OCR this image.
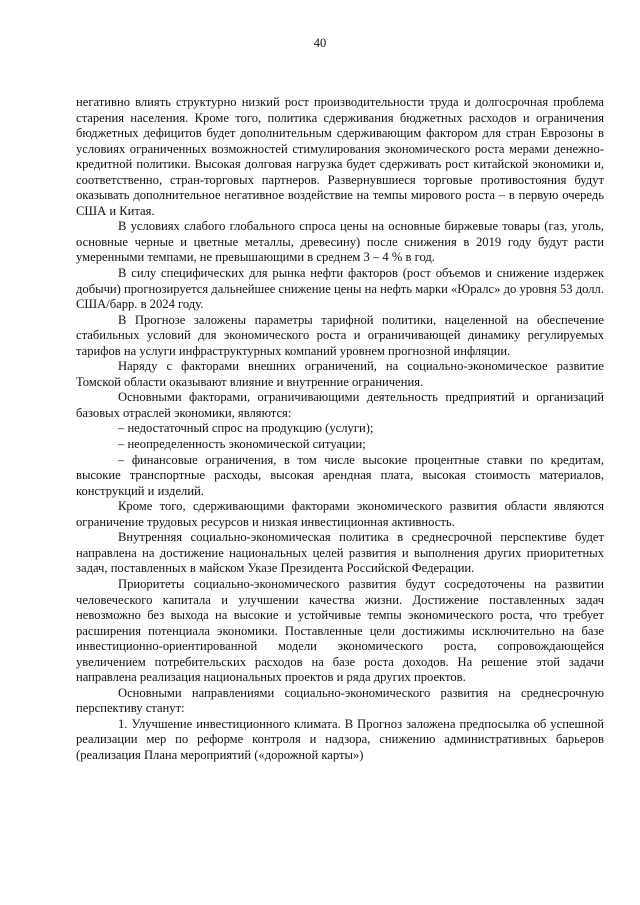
40

негативно влиять структурно низкий рост производительности труда и долгосрочная проблема старения населения. Кроме того, политика сдерживания бюджетных расходов и ограничения бюджетных дефицитов будет дополнительным сдерживающим фактором для стран Еврозоны в условиях ограниченных возможностей стимулирования экономического роста мерами денежно-кредитной политики. Высокая долговая нагрузка будет сдерживать рост китайской экономики и, соответственно, стран-торговых партнеров. Развернувшиеся торговые противостояния будут оказывать дополнительное негативное воздействие на темпы мирового роста – в первую очередь США и Китая.

В условиях слабого глобального спроса цены на основные биржевые товары (газ, уголь, основные черные и цветные металлы, древесину) после снижения в 2019 году будут расти умеренными темпами, не превышающими в среднем 3 – 4 % в год.

В силу специфических для рынка нефти факторов (рост объемов и снижение издержек добычи) прогнозируется дальнейшее снижение цены на нефть марки «Юралс» до уровня 53 долл. США/барр. в 2024 году.

В Прогнозе заложены параметры тарифной политики, нацеленной на обеспечение стабильных условий для экономического роста и ограничивающей динамику регулируемых тарифов на услуги инфраструктурных компаний уровнем прогнозной инфляции.

Наряду с факторами внешних ограничений, на социально-экономическое развитие Томской области оказывают влияние и внутренние ограничения.

Основными факторами, ограничивающими деятельность предприятий и организаций базовых отраслей экономики, являются:

– недостаточный спрос на продукцию (услуги);

– неопределенность экономической ситуации;

– финансовые ограничения, в том числе высокие процентные ставки по кредитам, высокие транспортные расходы, высокая арендная плата, высокая стоимость материалов, конструкций и изделий.

Кроме того, сдерживающими факторами экономического развития области являются ограничение трудовых ресурсов и низкая инвестиционная активность.

Внутренняя социально-экономическая политика в среднесрочной перспективе будет направлена на достижение национальных целей развития и выполнения других приоритетных задач, поставленных в майском Указе Президента Российской Федерации.

Приоритеты социально-экономического развития будут сосредоточены на развитии человеческого капитала и улучшении качества жизни. Достижение поставленных задач невозможно без выхода на высокие и устойчивые темпы экономического роста, что требует расширения потенциала экономики. Поставленные цели достижимы исключительно на базе инвестиционно-ориентированной модели экономического роста, сопровождающейся увеличением потребительских расходов на базе роста доходов. На решение этой задачи направлена реализация национальных проектов и ряда других проектов.

Основными направлениями социально-экономического развития на среднесрочную перспективу станут:

1. Улучшение инвестиционного климата. В Прогноз заложена предпосылка об успешной реализации мер по реформе контроля и надзора, снижению административных барьеров (реализация Плана мероприятий («дорожной карты»)
